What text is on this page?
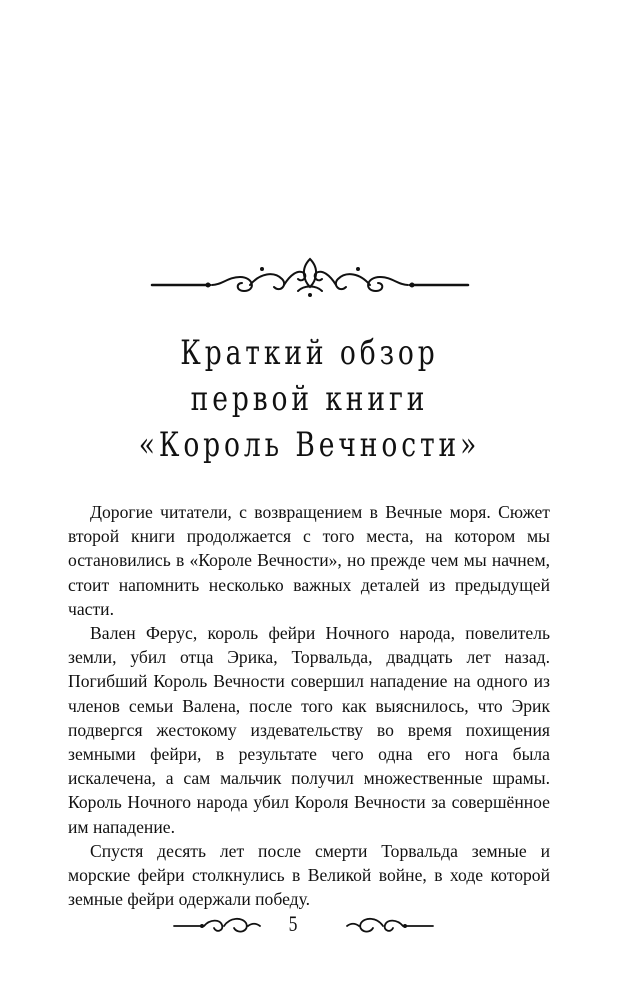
Краткий обзор
первой книги
«Король Вечности»

Дорогие читатели, с возвращением в Вечные моря. Сюжет второй книги продолжается с того места, на котором мы остановились в «Короле Вечности», но прежде чем мы начнем, стоит напомнить несколько важных деталей из предыдущей части.

Вален Ферус, король фейри Ночного народа, повелитель земли, убил отца Эрика, Торвальда, двадцать лет назад. Погибший Король Вечности совершил нападение на одного из членов семьи Валена, после того как выяснилось, что Эрик подвергся жестокому издевательству во время похищения земными фейри, в результате чего одна его нога была искалечена, а сам мальчик получил множественные шрамы. Король Ночного народа убил Короля Вечности за совершённое им нападение.

Спустя десять лет после смерти Торвальда земные и морские фейри столкнулись в Великой войне, в ходе которой земные фейри одержали победу.

5
